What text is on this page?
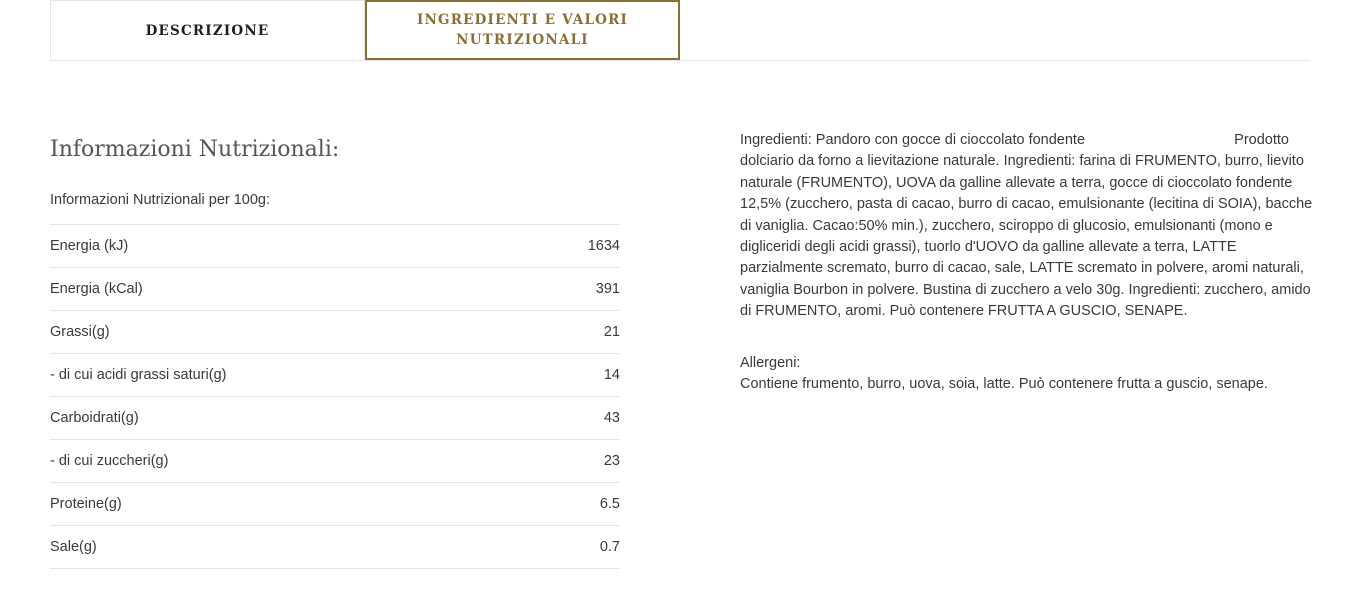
DESCRIZIONE
INGREDIENTI E VALORI NUTRIZIONALI
Informazioni Nutrizionali:
Informazioni Nutrizionali per 100g:
Energia (kJ)	1634
Energia (kCal)	391
Grassi(g)	21
- di cui acidi grassi saturi(g)	14
Carboidrati(g)	43
- di cui zuccheri(g)	23
Proteine(g)	6.5
Sale(g)	0.7
Ingredienti: Pandoro con gocce di cioccolato fondente	Prodotto
dolciario da forno a lievitazione naturale. Ingredienti: farina di FRUMENTO, burro, lievito naturale (FRUMENTO), UOVA da galline allevate a terra, gocce di cioccolato fondente 12,5% (zucchero, pasta di cacao, burro di cacao, emulsionante (lecitina di SOIA), bacche di vaniglia. Cacao:50% min.), zucchero, sciroppo di glucosio, emulsionanti (mono e digliceridi degli acidi grassi), tuorlo d'UOVO da galline allevate a terra, LATTE parzialmente scremato, burro di cacao, sale, LATTE scremato in polvere, aromi naturali, vaniglia Bourbon in polvere. Bustina di zucchero a velo 30g. Ingredienti: zucchero, amido di FRUMENTO, aromi. Può contenere FRUTTA A GUSCIO, SENAPE.
Allergeni:
Contiene frumento, burro, uova, soia, latte. Può contenere frutta a guscio, senape.
